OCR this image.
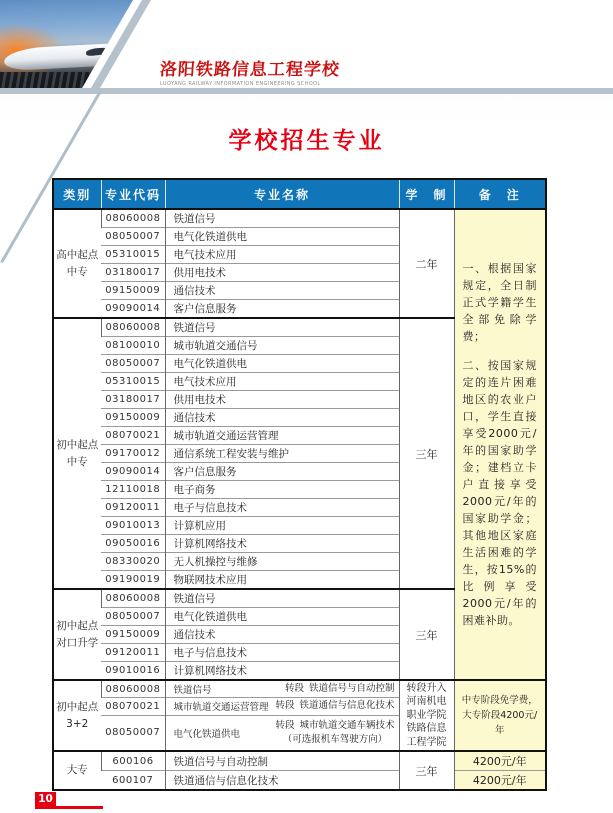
洛阳铁路信息工程学校
LUOYANG RAILWAY INFORMATION ENGINEERING SCHOOL
学校招生专业
类别	专业代码	专业名称	学　制	备　注
高中起点中专	08060008	铁道信号	二年	一、根据国家规定，全日制正式学籍学生全部免除学费；

二、按国家规定的连片困难地区的农业户口，学生直接享受2000元/年的国家助学金；建档立卡户直接享受2000元/年的国家助学金；其他地区家庭生活困难的学生，按15%的比例享受2000元/年的困难补助。

	08050007	电气化铁道供电		
	05310015	电气技术应用		
	03180017	供用电技术		
	09150009	通信技术		
	09090014	客户信息服务		
初中起点中专	08060008	铁道信号	三年	
	08100010	城市轨道交通信号		
	08050007	电气化铁道供电		
	05310015	电气技术应用		
	03180017	供用电技术		
	09150009	通信技术		
	08070021	城市轨道交通运营管理		
	09170012	通信系统工程安装与维护		
	09090014	客户信息服务		
	12110018	电子商务		
	09120011	电子与信息技术		
	09010013	计算机应用		
	09050016	计算机网络技术		
	08330020	无人机操控与维修		
	09190019	物联网技术应用		
初中起点对口升学	08060008	铁道信号	三年	
	08050007	电气化铁道供电		
	09150009	通信技术		
	09120011	电子与信息技术		
	09010016	计算机网络技术		
初中起点3+2	08060008	铁道信号 转段 铁道信号与自动控制	转段升入河南机电职业学院铁路信息工程学院	中专阶段免学费，大专阶段4200元/年
	08070021	城市轨道交通运营管理 转段 铁道通信与信息化技术		

	08050007	电气化铁道供电
转段 城市轨道交通车辆技术
（可选报机车驾驶方向）		

大专	600106	铁道信号与自动控制	三年	4200元/年
	600107	铁道通信与信息化技术		4200元/年
10
